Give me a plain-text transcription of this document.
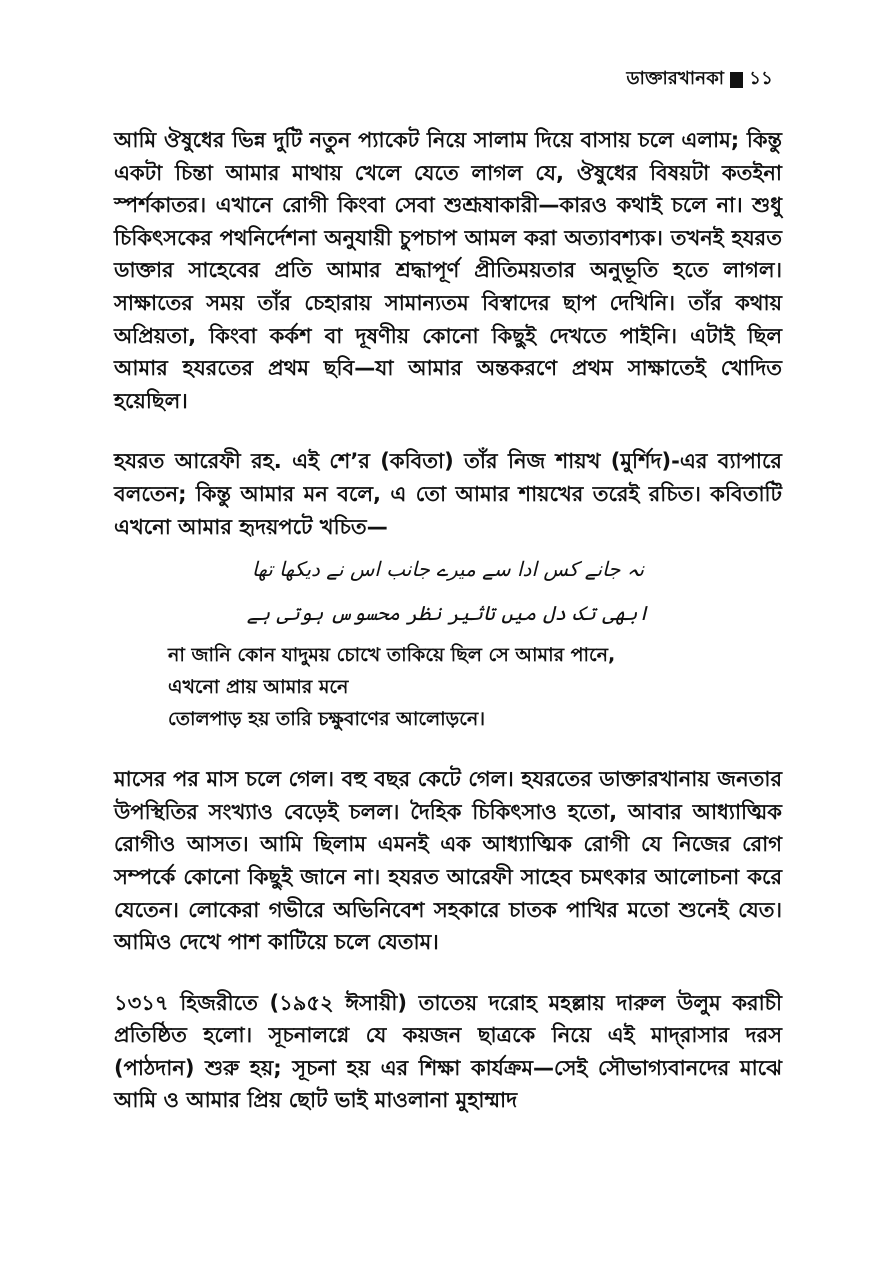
ডাক্তারখানকা ১১

আমি ঔষুধের ভিন্ন দুটি নতুন প্যাকেট নিয়ে সালাম দিয়ে বাসায় চলে এলাম; কিন্তু একটা চিন্তা আমার মাথায় খেলে যেতে লাগল যে, ঔষুধের বিষয়টা কতইনা স্পর্শকাতর। এখানে রোগী কিংবা সেবা শুশ্রূষাকারী—কারও কথাই চলে না। শুধু চিকিৎসকের পথনির্দেশনা অনুযায়ী চুপচাপ আমল করা অত্যাবশ্যক। তখনই হযরত ডাক্তার সাহেবের প্রতি আমার শ্রদ্ধাপূর্ণ প্রীতিময়তার অনুভূতি হতে লাগল। সাক্ষাতের সময় তাঁর চেহারায় সামান্যতম বিস্বাদের ছাপ দেখিনি। তাঁর কথায় অপ্রিয়তা, কিংবা কর্কশ বা দূষণীয় কোনো কিছুই দেখতে পাইনি। এটাই ছিল আমার হযরতের প্রথম ছবি—যা আমার অন্তকরণে প্রথম সাক্ষাতেই খোদিত হয়েছিল।

হযরত আরেফী রহ. এই শে’র (কবিতা) তাঁর নিজ শায়খ (মুর্শিদ)-এর ব্যাপারে বলতেন; কিন্তু আমার মন বলে, এ তো আমার শায়খের তরেই রচিত। কবিতাটি এখনো আমার হৃদয়পটে খচিত—

نہ جانے کس ادا سے میرے جانب اس نے دیکھا تھا
ابھی تک دل میں تاثیر نظر محسوس ہوتی ہے
না জানি কোন যাদুময় চোখে তাকিয়ে ছিল সে আমার পানে,
এখনো প্রায় আমার মনে
তোলপাড় হয় তারি চক্ষুবাণের আলোড়নে।

মাসের পর মাস চলে গেল। বহু বছর কেটে গেল। হযরতের ডাক্তারখানায় জনতার উপস্থিতির সংখ্যাও বেড়েই চলল। দৈহিক চিকিৎসাও হতো, আবার আধ্যাত্মিক রোগীও আসত। আমি ছিলাম এমনই এক আধ্যাত্মিক রোগী যে নিজের রোগ সম্পর্কে কোনো কিছুই জানে না। হযরত আরেফী সাহেব চমৎকার আলোচনা করে যেতেন। লোকেরা গভীরে অভিনিবেশ সহকারে চাতক পাখির মতো শুনেই যেত। আমিও দেখে পাশ কাটিয়ে চলে যেতাম।

১৩১৭ হিজরীতে (১৯৫২ ঈসায়ী) তাতেয় দরোহ মহল্লায় দারুল উলুম করাচী প্রতিষ্ঠিত হলো। সূচনালগ্নে যে কয়জন ছাত্রকে নিয়ে এই মাদ্‌রাসার দরস (পাঠদান) শুরু হয়; সূচনা হয় এর শিক্ষা কার্যক্রম—সেই সৌভাগ্যবানদের মাঝে আমি ও আমার প্রিয় ছোট ভাই মাওলানা মুহাম্মাদ
